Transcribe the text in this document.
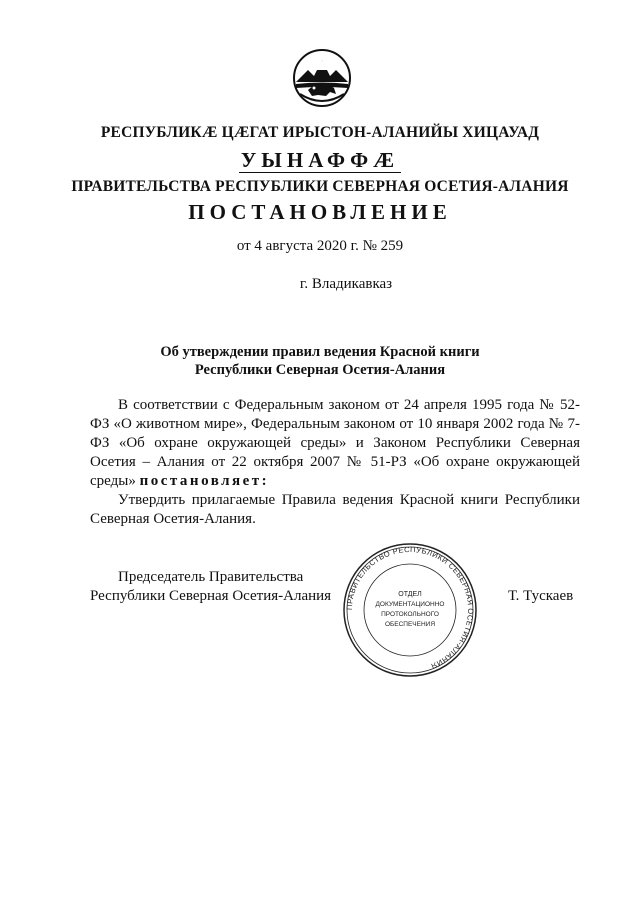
РЕСПУБЛИКӔ ЦӔГАТ ИРЫСТОН-АЛАНИЙЫ ХИЦАУАД
УЫНАФФӔ
ПРАВИТЕЛЬСТВА РЕСПУБЛИКИ СЕВЕРНАЯ ОСЕТИЯ-АЛАНИЯ
ПОСТАНОВЛЕНИЕ
от 4 августа 2020 г. № 259
г. Владикавказ
Об утверждении правил ведения Красной книги
Республики Северная Осетия-Алания

В соответствии с Федеральным законом от 24 апреля 1995 года № 52-ФЗ «О животном мире», Федеральным законом от 10 января 2002 года № 7-ФЗ «Об охране окружающей среды» и Законом Республики Северная Осетия – Алания от 22 октября 2007 № 51-РЗ «Об охране окружающей среды» постановляет:

Утвердить прилагаемые Правила ведения Красной книги Республики Северная Осетия-Алания.

Председатель Правительства
Республики Северная Осетия-Алания
ПРАВИТЕЛЬСТВО РЕСПУБЛИКИ СЕВЕРНАЯ ОСЕТИЯ-АЛАНИЯ
ОТДЕЛ
ДОКУМЕНТАЦИОННО
ПРОТОКОЛЬНОГО
ОБЕСПЕЧЕНИЯ
Т. Тускаев
